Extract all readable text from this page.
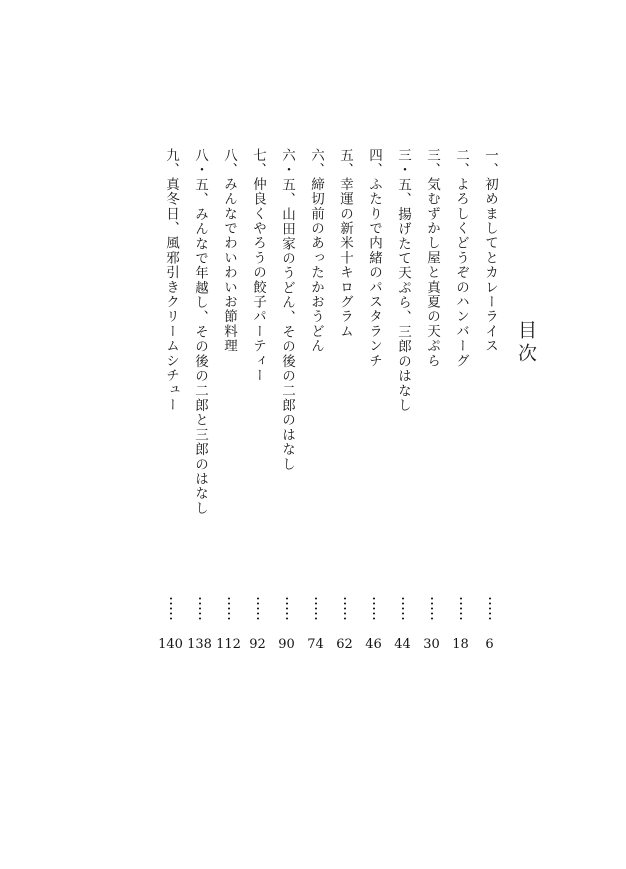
目次
一、初めましてとカレーライス
6
二、よろしくどうぞのハンバーグ
18
三、気むずかし屋と真夏の天ぷら
30
三・五、揚げたて天ぷら、三郎のはなし
44
四、ふたりで内緒のパスタランチ
46
五、幸運の新米十キログラム
62
六、締切前のあったかおうどん
74
六・五、山田家のうどん、その後の二郎のはなし
90
七、仲良くやろうの餃子パーティー
92
八、みんなでわいわいお節料理
112
八・五、みんなで年越し、その後の二郎と三郎のはなし
138
九、真冬日、風邪引きクリームシチュー
140
